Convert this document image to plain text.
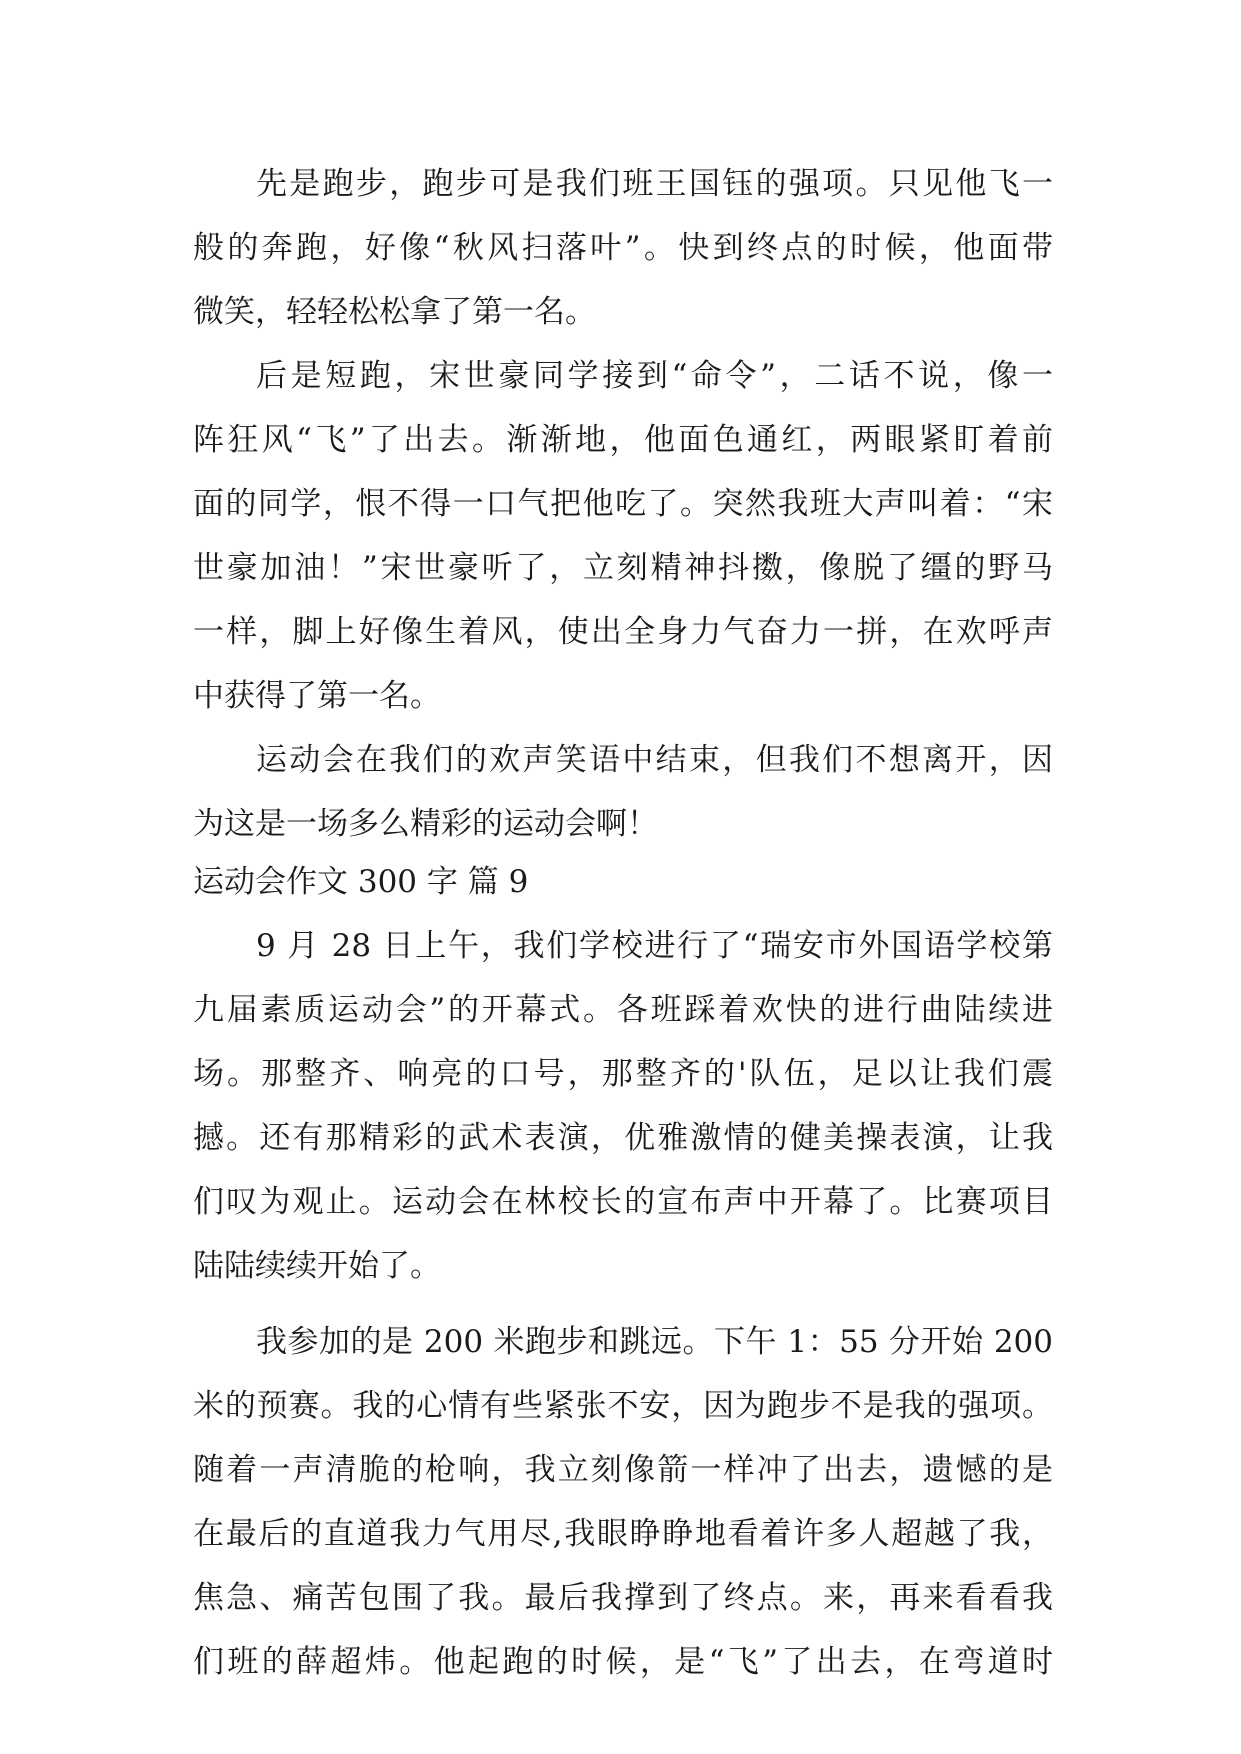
先是跑步，跑步可是我们班王国钰的强项。只见他飞一
般的奔跑，好像“秋风扫落叶”。快到终点的时候，他面带
微笑，轻轻松松拿了第一名。
后是短跑，宋世豪同学接到“命令”，二话不说，像一
阵狂风“飞”了出去。渐渐地，他面色通红，两眼紧盯着前
面的同学，恨不得一口气把他吃了。突然我班大声叫着：“宋
世豪加油！”宋世豪听了，立刻精神抖擞，像脱了缰的野马
一样，脚上好像生着风，使出全身力气奋力一拼，在欢呼声
中获得了第一名。
运动会在我们的欢声笑语中结束，但我们不想离开，因
为这是一场多么精彩的运动会啊！
运动会作文 300 字 篇 9
9 月 28 日上午，我们学校进行了“瑞安市外国语学校第
九届素质运动会”的开幕式。各班踩着欢快的进行曲陆续进
场。那整齐、响亮的口号，那整齐的'队伍，足以让我们震
撼。还有那精彩的武术表演，优雅激情的健美操表演，让我
们叹为观止。运动会在林校长的宣布声中开幕了。比赛项目
陆陆续续开始了。
我参加的是 200 米跑步和跳远。下午 1：55 分开始 200
米的预赛。我的心情有些紧张不安，因为跑步不是我的强项。
随着一声清脆的枪响，我立刻像箭一样冲了出去，遗憾的是
在最后的直道我力气用尽,我眼睁睁地看着许多人超越了我，
焦急、痛苦包围了我。最后我撑到了终点。来，再来看看我
们班的薛超炜。他起跑的时候，是“飞”了出去，在弯道时
